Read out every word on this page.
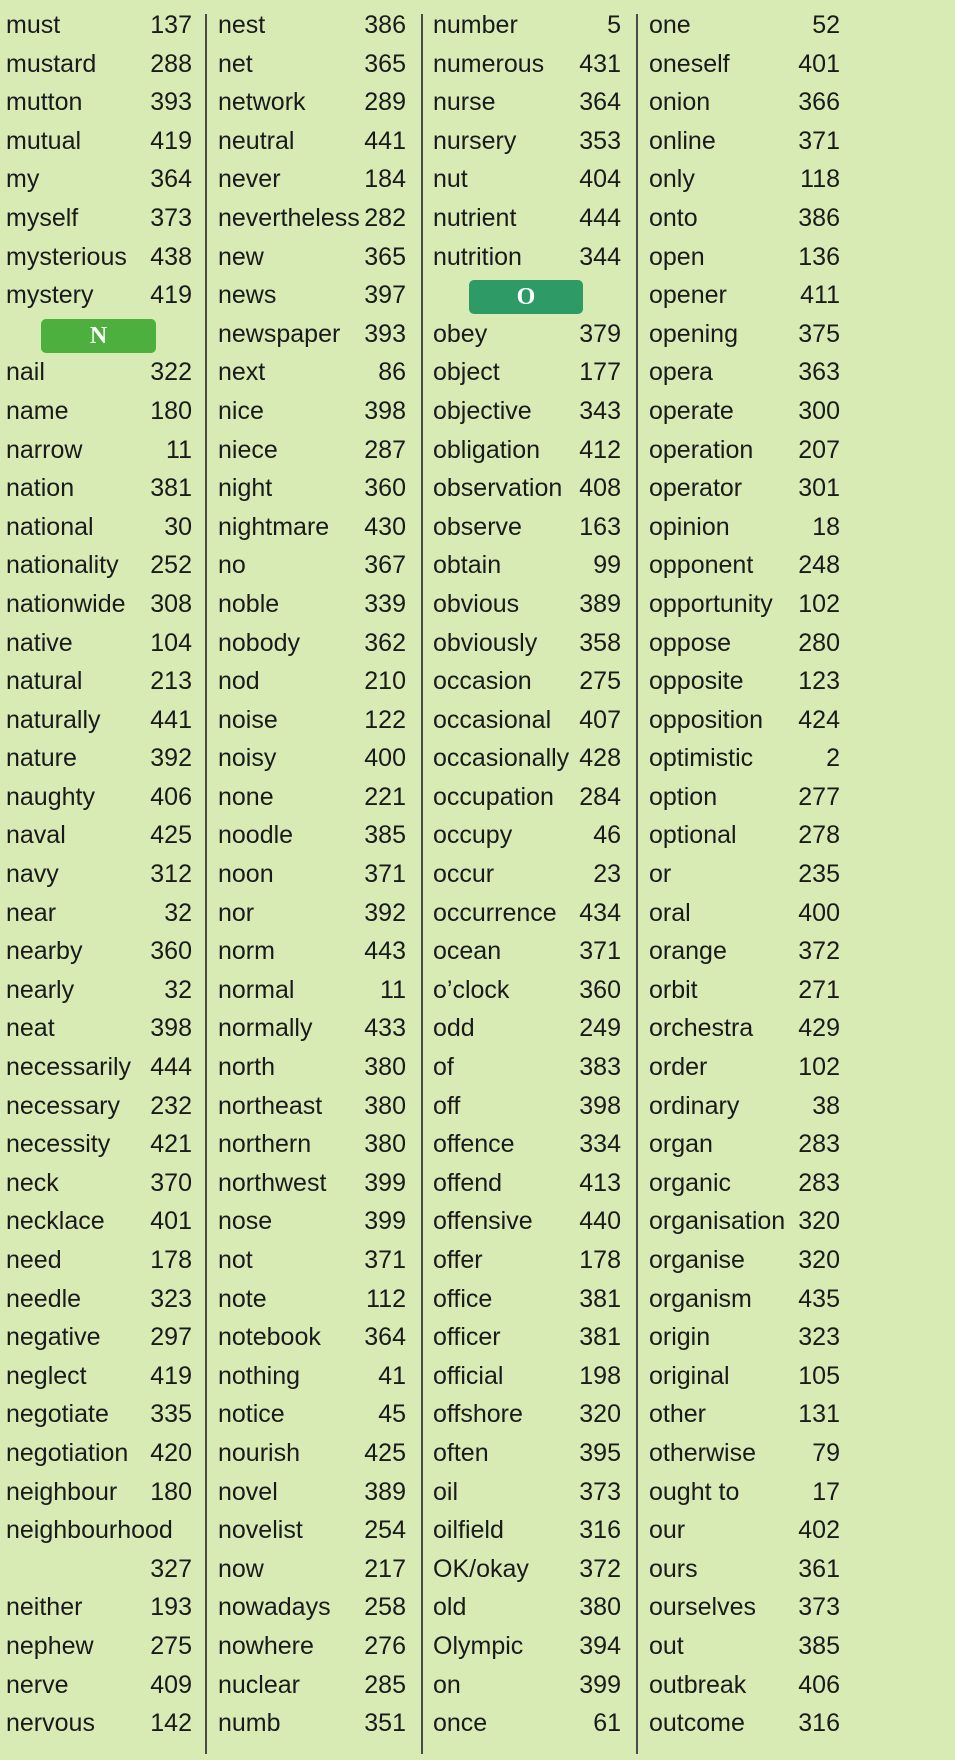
must	137
mustard 288
mutton	393
mutual	419
my	364
myself	373
mysterious 438
mystery 419
N
nail	322
name	180
narrow	11
nation	381
national	30
nationality 252
nationwide 308
native	104
natural	213
naturally 441
nature	392
naughty 406
naval	425
navy	312
near	32
nearby	360
nearly	32
neat	398
necessarily 444
necessary 232
necessity 421
neck	370
necklace 401
need	178
needle	323
negative 297
neglect	419
negotiate 335
negotiation 420
neighbour 180
neighbourhood
327
neither	193
nephew 275
nerve	409
nervous 142
nest	386
net	365
network 289
neutral	441
never	184
nevertheless 282
new	365
news	397
newspaper 393
next	86
nice	398
niece	287
night	360
nightmare 430
no	367
noble	339
nobody	362
nod	210
noise	122
noisy	400
none	221
noodle	385
noon	371
nor	392
norm	443
normal	11
normally 433
north	380
northeast 380
northern 380
northwest 399
nose	399
not	371
note	112
notebook 364
nothing	41
notice	45
nourish	425
novel	389
novelist 254
now	217
nowadays 258
nowhere 276
nuclear	285
numb	351
number	5
numerous 431
nurse	364
nursery	353
nut	404
nutrient	444
nutrition 344
O
obey	379
object	177
objective 343
obligation 412
observation 408
observe 163
obtain	99
obvious 389
obviously 358
occasion 275
occasional 407
occasionally 428
occupation 284
occupy	46
occur	23
occurrence 434
ocean	371
o’clock	360
odd	249
of	383
off	398
offence	334
offend	413
offensive 440
offer	178
office	381
officer	381
official	198
offshore 320
often	395
oil	373
oilfield	316
OK/okay 372
old	380
Olympic 394
on	399
once	61
one	52
oneself	401
onion	366
online	371
only	118
onto	386
open	136
opener	411
opening 375
opera	363
operate	300
operation 207
operator 301
opinion	18
opponent 248
opportunity 102
oppose	280
opposite 123
opposition 424
optimistic	2
option	277
optional 278
or	235
oral	400
orange	372
orbit	271
orchestra 429
order	102
ordinary	38
organ	283
organic	283
organisation 320
organise 320
organism 435
origin	323
original	105
other	131
otherwise 79
ought to	17
our	402
ours	361
ourselves 373
out	385
outbreak 406
outcome 316
